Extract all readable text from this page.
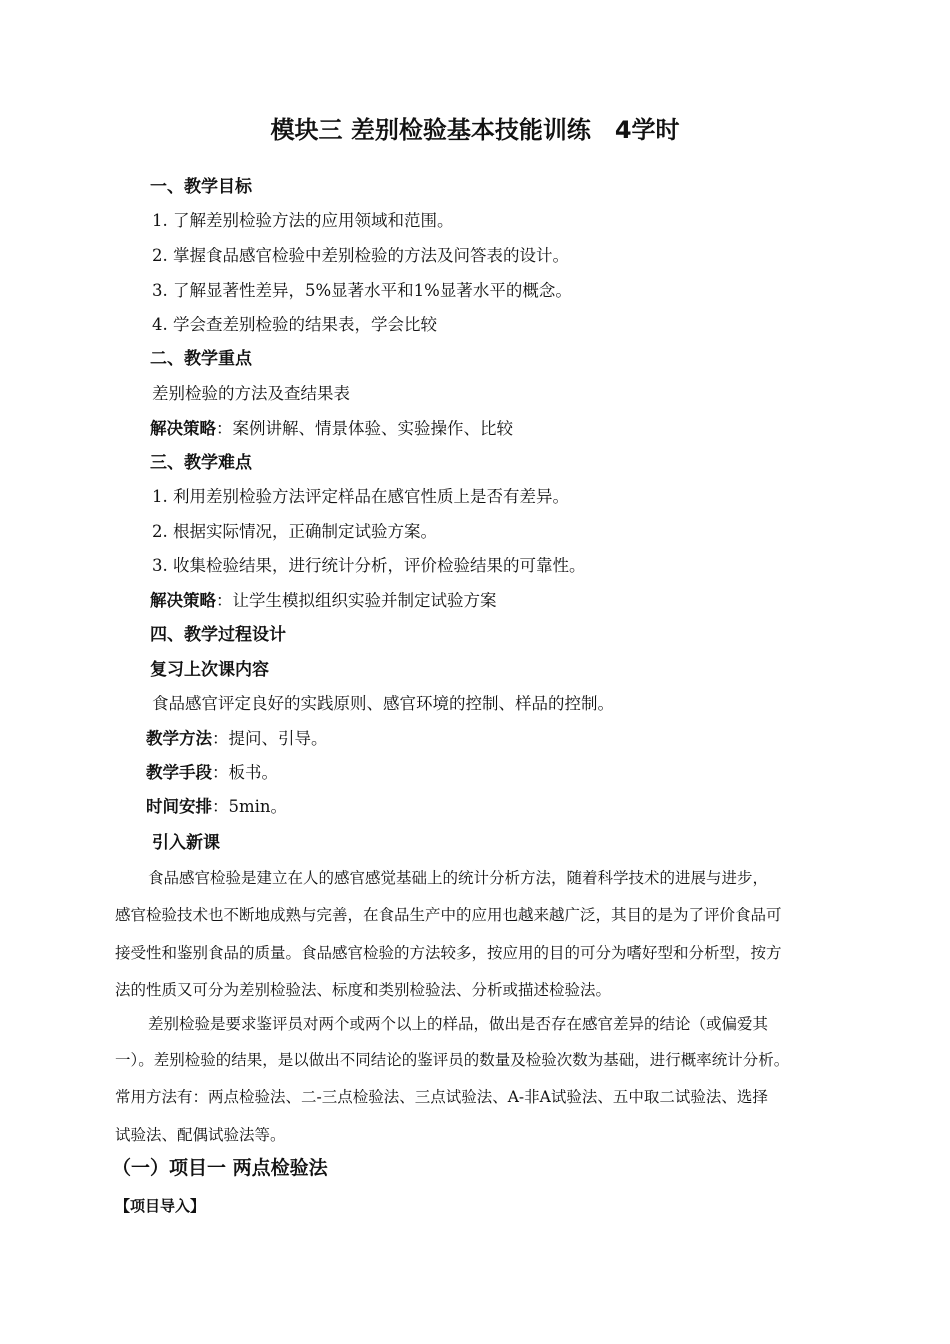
模块三 差别检验基本技能训练　4学时
一、教学目标
1. 了解差别检验方法的应用领域和范围。
2. 掌握食品感官检验中差别检验的方法及问答表的设计。
3. 了解显著性差异，5%显著水平和1%显著水平的概念。
4. 学会查差别检验的结果表，学会比较
二、教学重点
差别检验的方法及查结果表
解决策略：案例讲解、情景体验、实验操作、比较
三、教学难点
1. 利用差别检验方法评定样品在感官性质上是否有差异。
2. 根据实际情况，正确制定试验方案。
3. 收集检验结果，进行统计分析，评价检验结果的可靠性。
解决策略：让学生模拟组织实验并制定试验方案
四、教学过程设计
复习上次课内容
食品感官评定良好的实践原则、感官环境的控制、样品的控制。
教学方法：提问、引导。
教学手段：板书。
时间安排：5min。
引入新课
食品感官检验是建立在人的感官感觉基础上的统计分析方法，随着科学技术的进展与进步，
感官检验技术也不断地成熟与完善，在食品生产中的应用也越来越广泛，其目的是为了评价食品可
接受性和鉴别食品的质量。食品感官检验的方法较多，按应用的目的可分为嗜好型和分析型，按方
法的性质又可分为差别检验法、标度和类别检验法、分析或描述检验法。
差别检验是要求鉴评员对两个或两个以上的样品，做出是否存在感官差异的结论（或偏爱其
一）。差别检验的结果，是以做出不同结论的鉴评员的数量及检验次数为基础，进行概率统计分析。
常用方法有：两点检验法、二-三点检验法、三点试验法、A-非A试验法、五中取二试验法、选择
试验法、配偶试验法等。
（一）项目一 两点检验法
【项目导入】
